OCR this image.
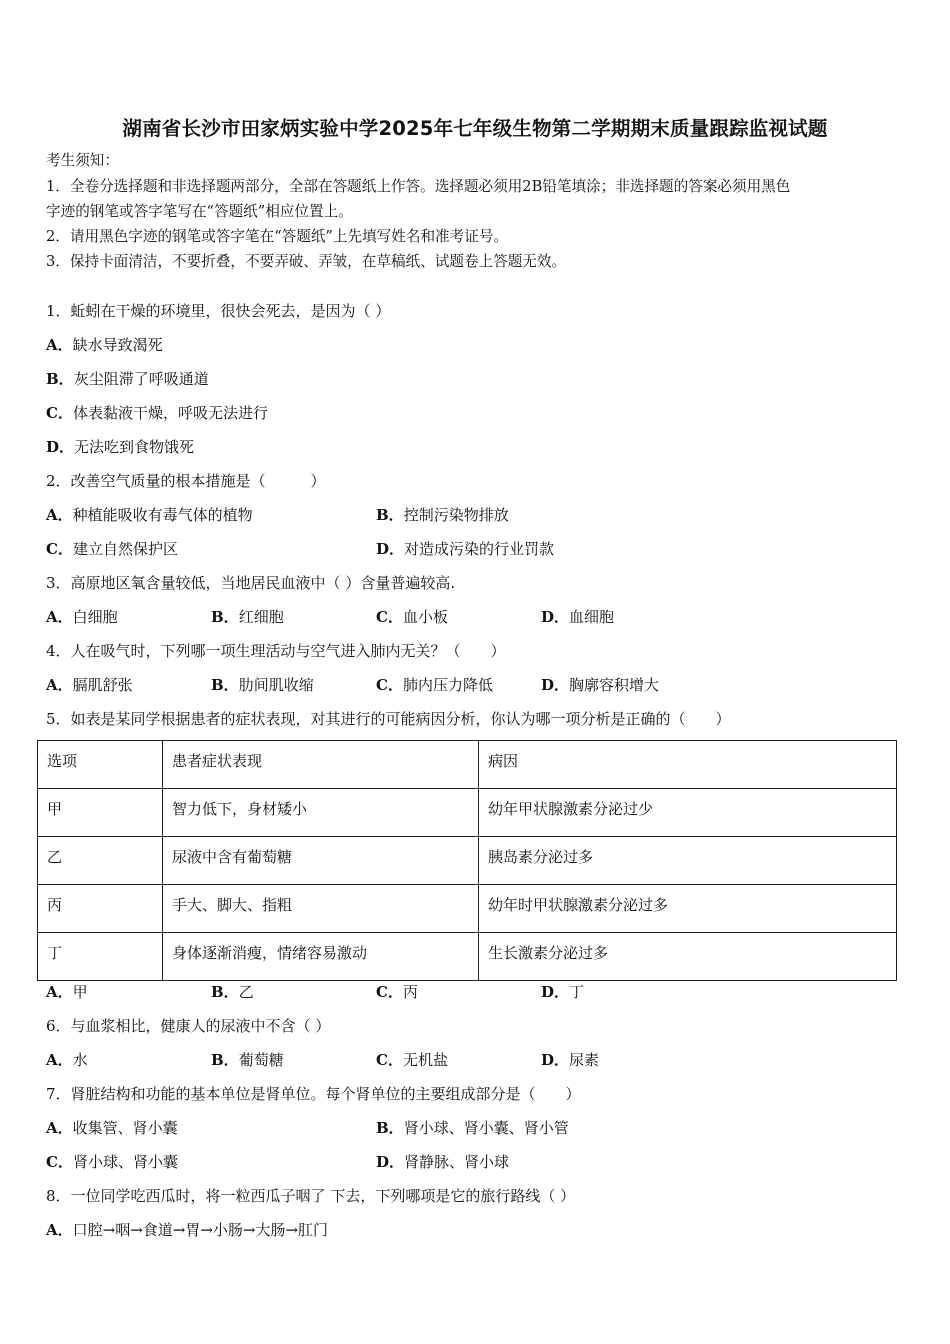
湖南省长沙市田家炳实验中学2025年七年级生物第二学期期末质量跟踪监视试题
考生须知：
1．全卷分选择题和非选择题两部分，全部在答题纸上作答。选择题必须用2B铅笔填涂；非选择题的答案必须用黑色
字迹的钢笔或答字笔写在“答题纸”相应位置上。
2．请用黑色字迹的钢笔或答字笔在“答题纸”上先填写姓名和准考证号。
3．保持卡面清洁，不要折叠，不要弄破、弄皱，在草稿纸、试题卷上答题无效。
1．蚯蚓在干燥的环境里，很快会死去，是因为（ ）
A．缺水导致渴死
B．灰尘阻滞了呼吸通道
C．体表黏液干燥，呼吸无法进行
D．无法吃到食物饿死
2．改善空气质量的根本措施是（　　　）
A．种植能吸收有毒气体的植物	B．控制污染物排放
C．建立自然保护区	D．对造成污染的行业罚款
3．高原地区氧含量较低，当地居民血液中（ ）含量普遍较高.
A．白细胞	B．红细胞	C．血小板	D．血细胞
4．人在吸气时，下列哪一项生理活动与空气进入肺内无关？（　　）
A．膈肌舒张	B．肋间肌收缩	C．肺内压力降低	D．胸廓容积增大
5．如表是某同学根据患者的症状表现，对其进行的可能病因分析，你认为哪一项分析是正确的（　　）
选项	患者症状表现	病因
甲	智力低下，身材矮小	幼年甲状腺激素分泌过少
乙	尿液中含有葡萄糖	胰岛素分泌过多
丙	手大、脚大、指粗	幼年时甲状腺激素分泌过多
丁	身体逐渐消瘦，情绪容易激动	生长激素分泌过多
A．甲	B．乙	C．丙	D．丁
6．与血浆相比，健康人的尿液中不含（ ）
A．水	B．葡萄糖	C．无机盐	D．尿素
7．肾脏结构和功能的基本单位是肾单位。每个肾单位的主要组成部分是（　　）
A．收集管、肾小囊	B．肾小球、肾小囊、肾小管
C．肾小球、肾小囊	D．肾静脉、肾小球
8．一位同学吃西瓜时，将一粒西瓜子咽了 下去，下列哪项是它的旅行路线（ ）
A．口腔→咽→食道→胃→小肠→大肠→肛门
